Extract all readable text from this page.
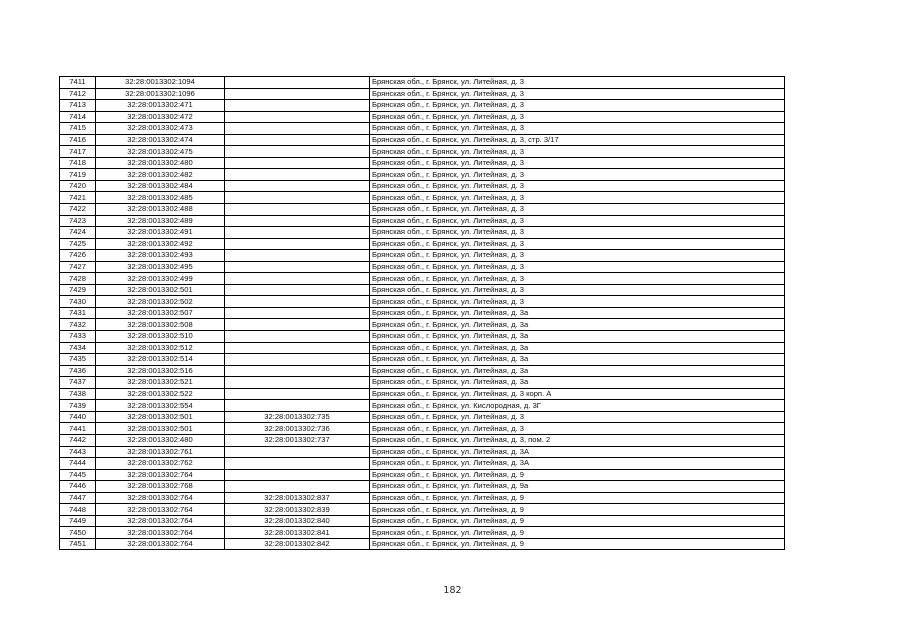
7411	32:28:0013302:1094		Брянская обл., г. Брянск, ул. Литейная, д. 3
7412	32:28:0013302:1096		Брянская обл., г. Брянск, ул. Литейная, д. 3
7413	32:28:0013302:471		Брянская обл., г. Брянск, ул. Литейная, д. 3
7414	32:28:0013302:472		Брянская обл., г. Брянск, ул. Литейная, д. 3
7415	32:28:0013302:473		Брянская обл., г. Брянск, ул. Литейная, д. 3
7416	32:28:0013302:474		Брянская обл., г. Брянск, ул. Литейная, д. 3, стр. 3/17
7417	32:28:0013302:475		Брянская обл., г. Брянск, ул. Литейная, д. 3
7418	32:28:0013302:480		Брянская обл., г. Брянск, ул. Литейная, д. 3
7419	32:28:0013302:482		Брянская обл., г. Брянск, ул. Литейная, д. 3
7420	32:28:0013302:484		Брянская обл., г. Брянск, ул. Литейная, д. 3
7421	32:28:0013302:485		Брянская обл., г. Брянск, ул. Литейная, д. 3
7422	32:28:0013302:488		Брянская обл., г. Брянск, ул. Литейная, д. 3
7423	32:28:0013302:489		Брянская обл., г. Брянск, ул. Литейная, д. 3
7424	32:28:0013302:491		Брянская обл., г. Брянск, ул. Литейная, д. 3
7425	32:28:0013302:492		Брянская обл., г. Брянск, ул. Литейная, д. 3
7426	32:28:0013302:493		Брянская обл., г. Брянск, ул. Литейная, д. 3
7427	32:28:0013302:495		Брянская обл., г. Брянск, ул. Литейная, д. 3
7428	32:28:0013302:499		Брянская обл., г. Брянск, ул. Литейная, д. 3
7429	32:28:0013302:501		Брянская обл., г. Брянск, ул. Литейная, д. 3
7430	32:28:0013302:502		Брянская обл., г. Брянск, ул. Литейная, д. 3
7431	32:28:0013302:507		Брянская обл., г. Брянск, ул. Литейная, д. 3а
7432	32:28:0013302:508		Брянская обл., г. Брянск, ул. Литейная, д. 3а
7433	32:28:0013302:510		Брянская обл., г. Брянск, ул. Литейная, д. 3а
7434	32:28:0013302:512		Брянская обл., г. Брянск, ул. Литейная, д. 3а
7435	32:28:0013302:514		Брянская обл., г. Брянск, ул. Литейная, д. 3а
7436	32:28:0013302:516		Брянская обл., г. Брянск, ул. Литейная, д. 3а
7437	32:28:0013302:521		Брянская обл., г. Брянск, ул. Литейная, д. 3а
7438	32:28:0013302:522		Брянская обл., г. Брянск, ул. Литейная, д. 3 корп. А
7439	32:28:0013302:554		Брянская обл., г. Брянск, ул. Кислородная, д. 3Г
7440	32:28:0013302:501	32:28:0013302:735	Брянская обл., г. Брянск, ул. Литейная, д. 3
7441	32:28:0013302:501	32:28:0013302:736	Брянская обл., г. Брянск, ул. Литейная, д. 3
7442	32:28:0013302:480	32:28:0013302:737	Брянская обл., г. Брянск, ул. Литейная, д. 3, пом. 2
7443	32:28:0013302:761		Брянская обл., г. Брянск, ул. Литейная, д. 3А
7444	32:28:0013302:762		Брянская обл., г. Брянск, ул. Литейная, д. 3А
7445	32:28:0013302:764		Брянская обл., г. Брянск, ул. Литейная, д. 9
7446	32:28:0013302:768		Брянская обл., г. Брянск, ул. Литейная, д. 9а
7447	32:28:0013302:764	32:28:0013302:837	Брянская обл., г. Брянск, ул. Литейная, д. 9
7448	32:28:0013302:764	32:28:0013302:839	Брянская обл., г. Брянск, ул. Литейная, д. 9
7449	32:28:0013302:764	32:28:0013302:840	Брянская обл., г. Брянск, ул. Литейная, д. 9
7450	32:28:0013302:764	32:28:0013302:841	Брянская обл., г. Брянск, ул. Литейная, д. 9
7451	32:28:0013302:764	32:28:0013302:842	Брянская обл., г. Брянск, ул. Литейная, д. 9
182
